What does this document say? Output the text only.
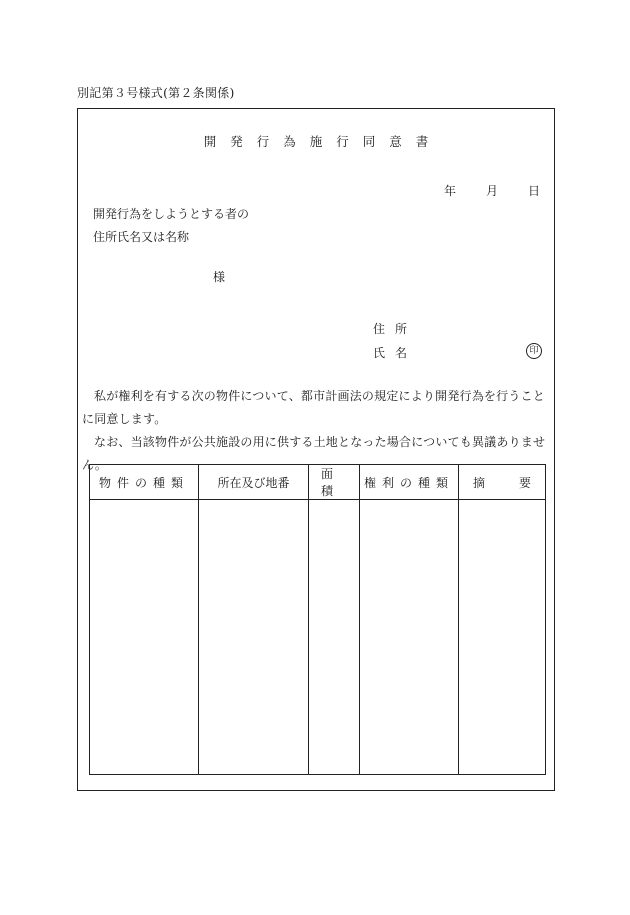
別記第３号様式(第２条関係)
開発行為施行同意書
年	月	日
開発行為をしようとする者の
住所氏名又は名称
様
住所
氏名	印

私が権利を有する次の物件について、都市計画法の規定により開発行為を行うことに同意します。

なお、当該物件が公共施設の用に供する土地となった場合についても異議ありません。

物件の種類	所在及び地番	面積	権利の種類	摘 要
